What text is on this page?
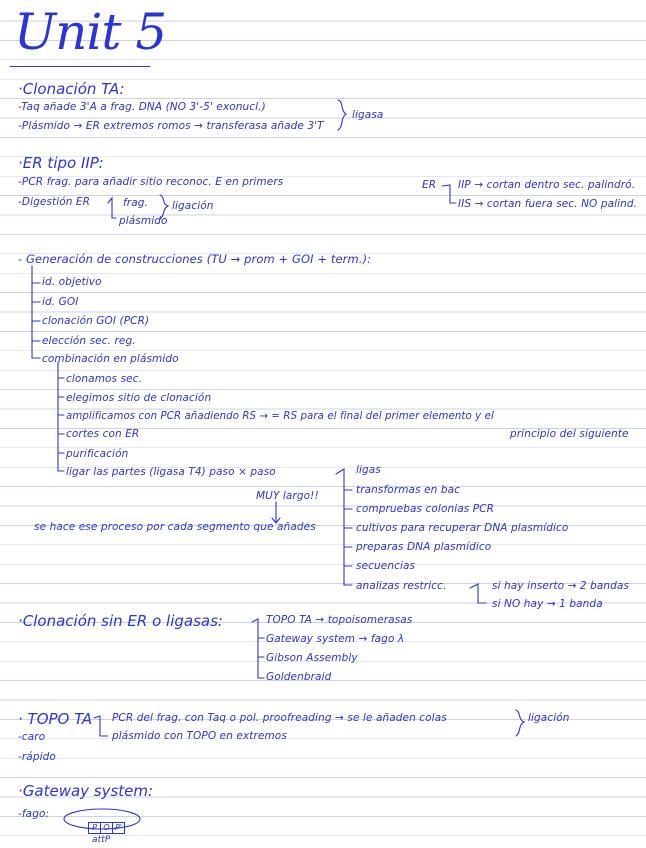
Unit 5
·Clonación TA:
-Taq añade 3'A a frag. DNA (NO 3'-5' exonucl.)
-Plásmido → ER extremos romos → transferasa añade 3'T
ligasa
·ER tipo IIP:
-PCR frag. para añadir sitio reconoc. E en primers
-Digestión ER	frag.
plásmido
ligación
ER IIP → cortan dentro sec. palindró.
IIS → cortan fuera sec. NO palind.
- Generación de construcciones (TU → prom + GOI + term.):
id. objetivo
id. GOI
clonación GOI (PCR)
elección sec. reg.
combinación en plásmido
clonamos sec.
elegimos sitio de clonación
amplificamos con PCR añadiendo RS → = RS para el final del primer elemento y el
principio del siguiente
cortes con ER
purificación
ligar las partes (ligasa T4) paso × paso
MUY largo!!
se hace ese proceso por cada segmento que añades
ligas
transformas en bac
compruebas colonias PCR
cultivos para recuperar DNA plasmídico
preparas DNA plasmídico
secuencias
analizas restricc.	si hay inserto → 2 bandas
si NO hay → 1 banda
·Clonación sin ER o ligasas:	TOPO TA → topoisomerasas
Gateway system → fago λ
Gibson Assembly
Goldenbraid
· TOPO TA PCR del frag. con Taq o pol. proofreading → se le añaden colas
plásmido con TOPO en extremos
ligación
-caro
-rápido
·Gateway system:
-fago:
P O P'
attP
